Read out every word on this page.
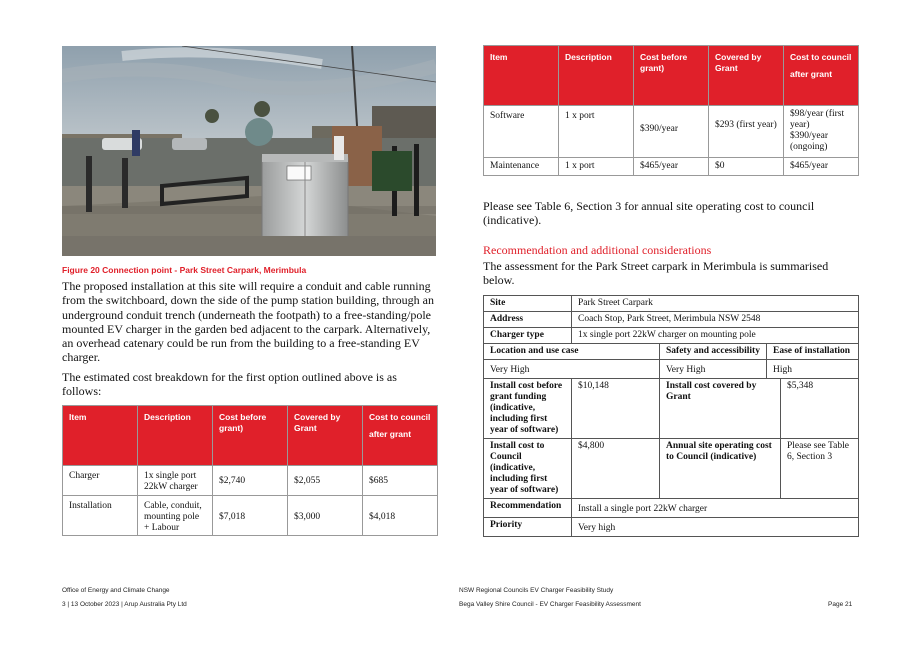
Figure 20 Connection point - Park Street Carpark, Merimbula
The proposed installation at this site will require a conduit and cable running from the switchboard, down the side of the pump station building, through an underground conduit trench (underneath the footpath) to a free-standing/pole mounted EV charger in the garden bed adjacent to the carpark. Alternatively, an overhead catenary could be run from the building to a free-standing EV charger.
The estimated cost breakdown for the first option outlined above is as follows:
Item	Description	Cost before grant)	Covered by Grant	Cost to council after grant

Charger	1x single port 22kW charger	$2,740	$2,055	$685
Installation	Cable, conduit, mounting pole + Labour	$7,018	$3,000	$4,018
Item	Description	Cost before grant)	Covered by Grant	Cost to council after grant

Software	1 x port	$390/year	$293 (first year)	$98/year (first year)
$390/year (ongoing)
Maintenance	1 x port	$465/year	$0	$465/year
Please see Table 6, Section 3 for annual site operating cost to council (indicative).
Recommendation and additional considerations
The assessment for the Park Street carpark in Merimbula is summarised below.
Site	Park Street Carpark			
Address	Coach Stop, Park Street, Merimbula NSW 2548			
Charger type	1x single port 22kW charger on mounting pole			
Location and use case		Safety and accessibility	Ease of installation	
Very High		Very High	High	
Install cost before grant funding (indicative, including first year of software)	$10,148	Install cost covered by Grant		$5,348
Install cost to Council (indicative, including first year of software)	$4,800	Annual site operating cost to Council (indicative)		Please see Table 6, Section 3
Recommendation	Install a single port 22kW charger			
Priority	Very high			
Office of Energy and Climate Change
3 | 13 October 2023 | Arup Australia Pty Ltd
NSW Regional Councils EV Charger Feasibility Study
Bega Valley Shire Council - EV Charger Feasibility Assessment	Page 21
